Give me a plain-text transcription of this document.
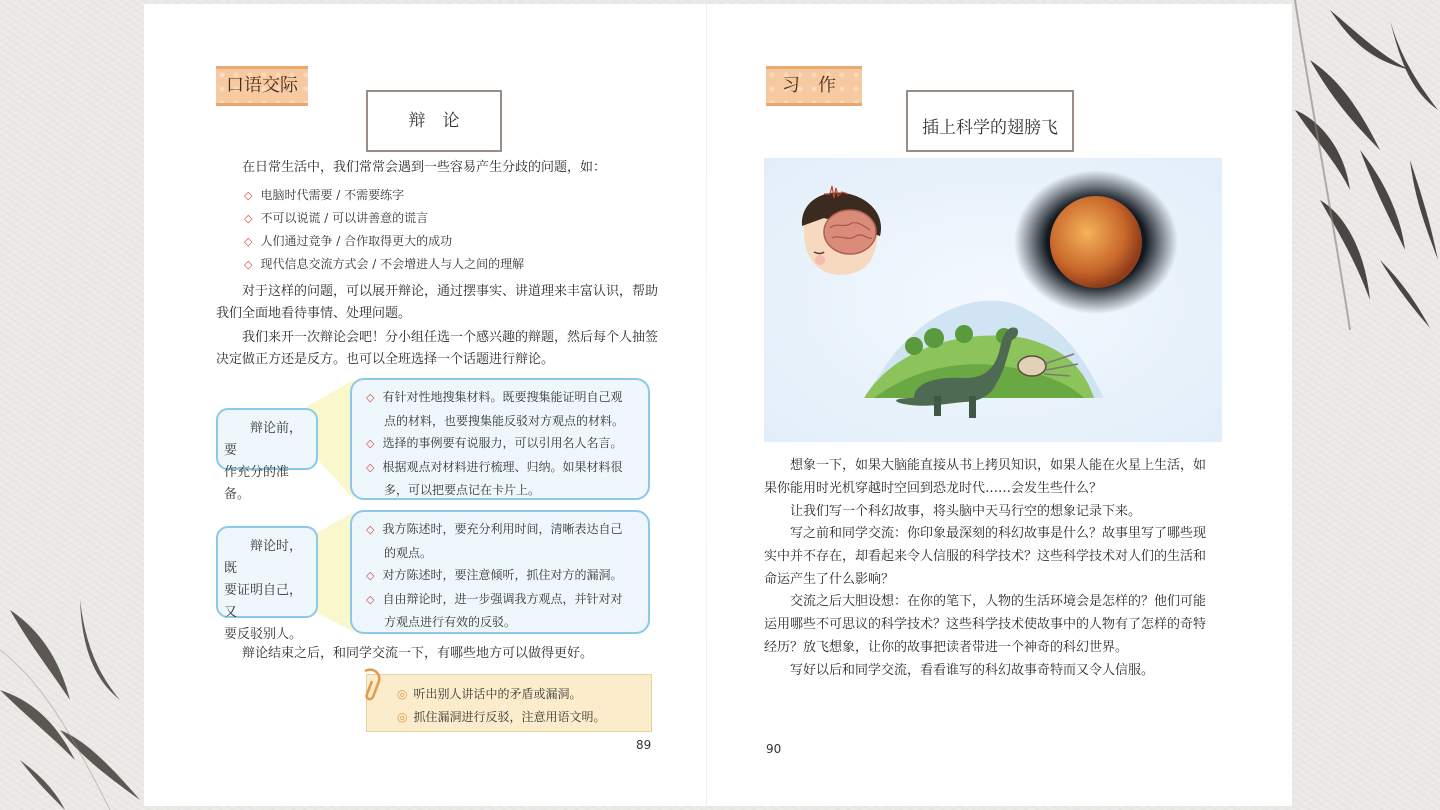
口语交际
辩　论
在日常生活中，我们常常会遇到一些容易产生分歧的问题，如：
◇ 电脑时代需要 / 不需要练字
◇ 不可以说谎 / 可以讲善意的谎言
◇ 人们通过竞争 / 合作取得更大的成功
◇ 现代信息交流方式会 / 不会增进人与人之间的理解
对于这样的问题，可以展开辩论，通过摆事实、讲道理来丰富认识，帮助
我们全面地看待事情、处理问题。
我们来开一次辩论会吧！分小组任选一个感兴趣的辩题，然后每个人抽签
决定做正方还是反方。也可以全班选择一个话题进行辩论。
辩论前，要
作充分的准备。
◇ 有针对性地搜集材料。既要搜集能证明自己观
点的材料，也要搜集能反驳对方观点的材料。
◇ 选择的事例要有说服力，可以引用名人名言。
◇ 根据观点对材料进行梳理、归纳。如果材料很
多，可以把要点记在卡片上。
辩论时，既
要证明自己，又
要反驳别人。
◇ 我方陈述时，要充分利用时间，清晰表达自己
的观点。
◇ 对方陈述时，要注意倾听，抓住对方的漏洞。
◇ 自由辩论时，进一步强调我方观点，并针对对
方观点进行有效的反驳。
辩论结束之后，和同学交流一下，有哪些地方可以做得更好。
◎ 听出别人讲话中的矛盾或漏洞。
◎ 抓住漏洞进行反驳，注意用语文明。
89
习　作
插上科学的翅膀飞
想象一下，如果大脑能直接从书上拷贝知识，如果人能在火星上生活，如
果你能用时光机穿越时空回到恐龙时代……会发生些什么？
让我们写一个科幻故事，将头脑中天马行空的想象记录下来。
写之前和同学交流：你印象最深刻的科幻故事是什么？故事里写了哪些现
实中并不存在，却看起来令人信服的科学技术？这些科学技术对人们的生活和
命运产生了什么影响？
交流之后大胆设想：在你的笔下，人物的生活环境会是怎样的？他们可能
运用哪些不可思议的科学技术？这些科学技术使故事中的人物有了怎样的奇特
经历？放飞想象，让你的故事把读者带进一个神奇的科幻世界。
写好以后和同学交流，看看谁写的科幻故事奇特而又令人信服。
90
